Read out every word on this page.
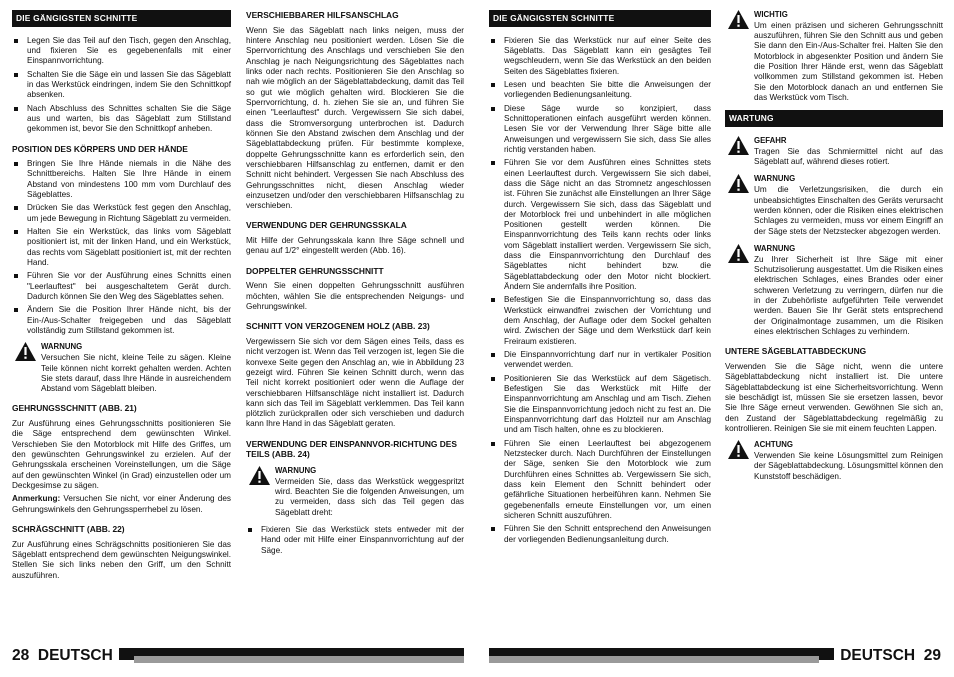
DIE GÄNGIGSTEN SCHNITTE
Legen Sie das Teil auf den Tisch, gegen den Anschlag, und fixieren Sie es gegebenenfalls mit einer Einspannvorrichtung.
Schalten Sie die Säge ein und lassen Sie das Sägeblatt in das Werkstück eindringen, indem Sie den Schnittkopf absenken.
Nach Abschluss des Schnittes schalten Sie die Säge aus und warten, bis das Sägeblatt zum Stillstand gekommen ist, bevor Sie den Schnittkopf anheben.
POSITION DES KÖRPERS UND DER HÄNDE
Bringen Sie Ihre Hände niemals in die Nähe des Schnittbereichs. Halten Sie Ihre Hände in einem Abstand von mindestens 100 mm vom Durchlauf des Sägeblattes.
Drücken Sie das Werkstück fest gegen den Anschlag, um jede Bewegung in Richtung Sägeblatt zu vermeiden.
Halten Sie ein Werkstück, das links vom Sägeblatt positioniert ist, mit der linken Hand, und ein Werkstück, das rechts vom Sägeblatt positioniert ist, mit der rechten Hand.
Führen Sie vor der Ausführung eines Schnitts einen "Leerlauftest" bei ausgeschaltetem Gerät durch. Dadurch können Sie den Weg des Sägeblattes sehen.
Ändern Sie die Position Ihrer Hände nicht, bis der Ein-/Aus-Schalter freigegeben und das Sägeblatt vollständig zum Stillstand gekommen ist.
WARNUNG

Versuchen Sie nicht, kleine Teile zu sägen. Kleine Teile können nicht korrekt gehalten werden. Achten Sie stets darauf, dass Ihre Hände in ausreichendem Abstand vom Sägeblatt bleiben.

GEHRUNGSSCHNITT (ABB. 21)

Zur Ausführung eines Gehrungsschnitts positionieren Sie die Säge entsprechend dem gewünschten Winkel. Verschieben Sie den Motorblock mit Hilfe des Griffes, um den gewünschten Gehrungswinkel zu erzielen. Auf der Gehrungsskala erscheinen Voreinstellungen, um die Säge auf den gewünschten Winkel (in Grad) einzustellen oder um Deckgesimse zu sägen.

Anmerkung: Versuchen Sie nicht, vor einer Änderung des Gehrungswinkels den Gehrungssperrhebel zu lösen.

SCHRÄGSCHNITT (ABB. 22)

Zur Ausführung eines Schrägschnitts positionieren Sie das Sägeblatt entsprechend dem gewünschten Neigungswinkel. Stellen Sie sich links neben den Griff, um den Schnitt auszuführen.

VERSCHIEBBARER HILFSANSCHLAG

Wenn Sie das Sägeblatt nach links neigen, muss der hintere Anschlag neu positioniert werden. Lösen Sie die Sperrvorrichtung des Anschlags und verschieben Sie den Anschlag je nach Neigungsrichtung des Sägeblattes nach links oder nach rechts. Positionieren Sie den Anschlag so nah wie möglich an der Sägeblattabdeckung, damit das Teil so gut wie möglich gehalten wird. Blockieren Sie die Sperrvorrichtung, d. h. ziehen Sie sie an, und führen Sie einen "Leerlauftest" durch. Vergewissern Sie sich dabei, dass die Stromversorgung unterbrochen ist. Dadurch können Sie den Abstand zwischen dem Anschlag und der Sägeblattabdeckung prüfen. Für bestimmte komplexe, doppelte Gehrungsschnitte kann es erforderlich sein, den verschiebbaren Hilfsanschlag zu entfernen, damit er den Schnitt nicht behindert. Vergessen Sie nach Abschluss des Gehrungsschnittes nicht, diesen Anschlag wieder einzusetzen und/oder den verschiebbaren Hilfsanschlag zu verschieben.

VERWENDUNG DER GEHRUNGSSKALA

Mit Hilfe der Gehrungsskala kann Ihre Säge schnell und genau auf 1/2° eingestellt werden (Abb. 16).

DOPPELTER GEHRUNGSSCHNITT

Wenn Sie einen doppelten Gehrungsschnitt ausführen möchten, wählen Sie die entsprechenden Neigungs- und Gehrungswinkel.

SCHNITT VON VERZOGENEM HOLZ (ABB. 23)

Vergewissern Sie sich vor dem Sägen eines Teils, dass es nicht verzogen ist. Wenn das Teil verzogen ist, legen Sie die konvexe Seite gegen den Anschlag an, wie in Abbildung 23 gezeigt wird. Führen Sie keinen Schnitt durch, wenn das Teil nicht korrekt positioniert oder wenn die Auflage der verschiebbaren Hilfsanschläge nicht installiert ist. Dadurch kann sich das Teil im Sägeblatt verklemmen. Das Teil kann plötzlich zurückprallen oder sich verschieben und dadurch kann Ihre Hand in das Sägeblatt geraten.

VERWENDUNG DER EINSPANNVOR-RICHTUNG DES TEILS (ABB. 24)
WARNUNG

Vermeiden Sie, dass das Werkstück weggespritzt wird. Beachten Sie die folgenden Anweisungen, um zu vermeiden, dass sich das Teil gegen das Sägeblatt dreht:

Fixieren Sie das Werkstück stets entweder mit der Hand oder mit Hilfe einer Einspannvorrichtung auf der Säge.
DIE GÄNGIGSTEN SCHNITTE
Fixieren Sie das Werkstück nur auf einer Seite des Sägeblatts. Das Sägeblatt kann ein gesägtes Teil wegschleudern, wenn Sie das Werkstück an den beiden Seiten des Sägeblattes fixieren.
Lesen und beachten Sie bitte die Anweisungen der vorliegenden Bedienungsanleitung.
Diese Säge wurde so konzipiert, dass Schnittoperationen einfach ausgeführt werden können. Lesen Sie vor der Verwendung Ihrer Säge bitte alle Anweisungen und vergewissern Sie sich, dass Sie alles richtig verstanden haben.
Führen Sie vor dem Ausführen eines Schnittes stets einen Leerlauftest durch. Vergewissern Sie sich dabei, dass die Säge nicht an das Stromnetz angeschlossen ist. Führen Sie zunächst alle Einstellungen an Ihrer Säge durch. Vergewissern Sie sich, dass das Sägeblatt und der Motorblock frei und unbehindert in alle möglichen Positionen gestellt werden können. Die Einspannvorrichtung des Teils kann rechts oder links vom Sägeblatt installiert werden. Vergewissern Sie sich, dass die Einspannvorrichtung den Durchlauf des Sägeblattes nicht behindert bzw. die Sägeblattabdeckung oder den Motor nicht blockiert. Ändern Sie andernfalls ihre Position.
Befestigen Sie die Einspannvorrichtung so, dass das Werkstück einwandfrei zwischen der Vorrichtung und dem Anschlag, der Auflage oder dem Sockel gehalten wird. Zwischen der Säge und dem Werkstück darf kein Freiraum existieren.
Die Einspannvorrichtung darf nur in vertikaler Position verwendet werden.
Positionieren Sie das Werkstück auf dem Sägetisch. Befestigen Sie das Werkstück mit Hilfe der Einspannvorrichtung am Anschlag und am Tisch. Ziehen Sie die Einspannvorrichtung jedoch nicht zu fest an. Die Einspannvorrichtung darf das Holzteil nur am Anschlag und am Tisch halten, ohne es zu blockieren.
Führen Sie einen Leerlauftest bei abgezogenem Netzstecker durch. Nach Durchführen der Einstellungen der Säge, senken Sie den Motorblock wie zum Durchführen eines Schnittes ab. Vergewissern Sie sich, dass kein Element den Schnitt behindert oder gefährliche Situationen herbeiführen kann. Nehmen Sie gegebenenfalls erneute Einstellungen vor, um einen sicheren Schnitt auszuführen.
Führen Sie den Schnitt entsprechend den Anweisungen der vorliegenden Bedienungsanleitung durch.
WICHTIG

Um einen präzisen und sicheren Gehrungsschnitt auszuführen, führen Sie den Schnitt aus und geben Sie dann den Ein-/Aus-Schalter frei. Halten Sie den Motorblock in abgesenkter Position und ändern Sie die Position Ihrer Hände erst, wenn das Sägeblatt vollkommen zum Stillstand gekommen ist. Heben Sie den Motorblock danach an und entfernen Sie das Werkstück vom Tisch.

WARTUNG
GEFAHR

Tragen Sie das Schmiermittel nicht auf das Sägeblatt auf, während dieses rotiert.

WARNUNG

Um die Verletzungsrisiken, die durch ein unbeabsichtigtes Einschalten des Geräts verursacht werden können, oder die Risiken eines elektrischen Schlages zu vermeiden, muss vor einem Eingriff an der Säge stets der Netzstecker abgezogen werden.

WARNUNG

Zu Ihrer Sicherheit ist Ihre Säge mit einer Schutzisolierung ausgestattet. Um die Risiken eines elektrischen Schlages, eines Brandes oder einer schweren Verletzung zu verringern, dürfen nur die in der Zubehörliste aufgeführten Teile verwendet werden. Bauen Sie Ihr Gerät stets entsprechend der Originalmontage zusammen, um die Risiken eines elektrischen Schlages zu verhindern.

UNTERE SÄGEBLATTABDECKUNG

Verwenden Sie die Säge nicht, wenn die untere Sägeblattabdeckung nicht installiert ist. Die untere Sägeblattabdeckung ist eine Sicherheitsvorrichtung. Wenn sie beschädigt ist, müssen Sie sie ersetzen lassen, bevor Sie Ihre Säge erneut verwenden. Gewöhnen Sie sich an, den Zustand der Sägeblattabdeckung regelmäßig zu kontrollieren. Reinigen Sie sie mit einem feuchten Lappen.

ACHTUNG

Verwenden Sie keine Lösungsmittel zum Reinigen der Sägeblattabdeckung. Lösungsmittel können den Kunststoff beschädigen.

28 DEUTSCH	DEUTSCH 29
